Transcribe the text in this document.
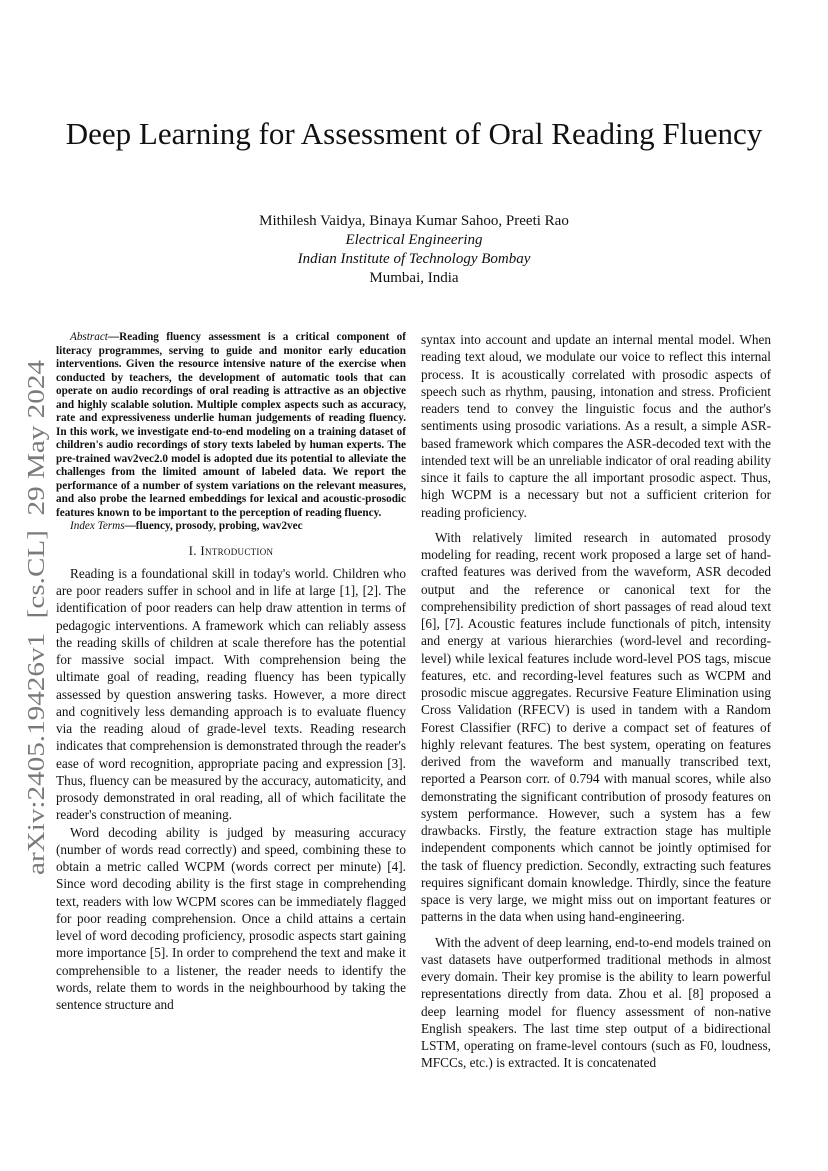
arXiv:2405.19426v1  [cs.CL]  29 May 2024
Deep Learning for Assessment of Oral Reading Fluency
Mithilesh Vaidya, Binaya Kumar Sahoo, Preeti Rao
Electrical Engineering
Indian Institute of Technology Bombay
Mumbai, India

Abstract—Reading fluency assessment is a critical component of literacy programmes, serving to guide and monitor early education interventions. Given the resource intensive nature of the exercise when conducted by teachers, the development of automatic tools that can operate on audio recordings of oral reading is attractive as an objective and highly scalable solution. Multiple complex aspects such as accuracy, rate and expressiveness underlie human judgements of reading fluency. In this work, we investigate end-to-end modeling on a training dataset of children's audio recordings of story texts labeled by human experts. The pre-trained wav2vec2.0 model is adopted due its potential to alleviate the challenges from the limited amount of labeled data. We report the performance of a number of system variations on the relevant measures, and also probe the learned embeddings for lexical and acoustic-prosodic features known to be important to the perception of reading fluency.

Index Terms—fluency, prosody, probing, wav2vec

I. Introduction

Reading is a foundational skill in today's world. Children who are poor readers suffer in school and in life at large [1], [2]. The identification of poor readers can help draw attention in terms of pedagogic interventions. A framework which can reliably assess the reading skills of children at scale therefore has the potential for massive social impact. With comprehension being the ultimate goal of reading, reading fluency has been typically assessed by question answering tasks. However, a more direct and cognitively less demanding approach is to evaluate fluency via the reading aloud of grade-level texts. Reading research indicates that comprehension is demonstrated through the reader's ease of word recognition, appropriate pacing and expression [3]. Thus, fluency can be measured by the accuracy, automaticity, and prosody demonstrated in oral reading, all of which facilitate the reader's construction of meaning.

Word decoding ability is judged by measuring accuracy (number of words read correctly) and speed, combining these to obtain a metric called WCPM (words correct per minute) [4]. Since word decoding ability is the first stage in comprehending text, readers with low WCPM scores can be immediately flagged for poor reading comprehension. Once a child attains a certain level of word decoding proficiency, prosodic aspects start gaining more importance [5]. In order to comprehend the text and make it comprehensible to a listener, the reader needs to identify the words, relate them to words in the neighbourhood by taking the sentence structure and

syntax into account and update an internal mental model. When reading text aloud, we modulate our voice to reflect this internal process. It is acoustically correlated with prosodic aspects of speech such as rhythm, pausing, intonation and stress. Proficient readers tend to convey the linguistic focus and the author's sentiments using prosodic variations. As a result, a simple ASR-based framework which compares the ASR-decoded text with the intended text will be an unreliable indicator of oral reading ability since it fails to capture the all important prosodic aspect. Thus, high WCPM is a necessary but not a sufficient criterion for reading proficiency.

With relatively limited research in automated prosody modeling for reading, recent work proposed a large set of hand-crafted features was derived from the waveform, ASR decoded output and the reference or canonical text for the comprehensibility prediction of short passages of read aloud text [6], [7]. Acoustic features include functionals of pitch, intensity and energy at various hierarchies (word-level and recording-level) while lexical features include word-level POS tags, miscue features, etc. and recording-level features such as WCPM and prosodic miscue aggregates. Recursive Feature Elimination using Cross Validation (RFECV) is used in tandem with a Random Forest Classifier (RFC) to derive a compact set of features of highly relevant features. The best system, operating on features derived from the waveform and manually transcribed text, reported a Pearson corr. of 0.794 with manual scores, while also demonstrating the significant contribution of prosody features on system performance. However, such a system has a few drawbacks. Firstly, the feature extraction stage has multiple independent components which cannot be jointly optimised for the task of fluency prediction. Secondly, extracting such features requires significant domain knowledge. Thirdly, since the feature space is very large, we might miss out on important features or patterns in the data when using hand-engineering.

With the advent of deep learning, end-to-end models trained on vast datasets have outperformed traditional methods in almost every domain. Their key promise is the ability to learn powerful representations directly from data. Zhou et al. [8] proposed a deep learning model for fluency assessment of non-native English speakers. The last time step output of a bidirectional LSTM, operating on frame-level contours (such as F0, loudness, MFCCs, etc.) is extracted. It is concatenated
